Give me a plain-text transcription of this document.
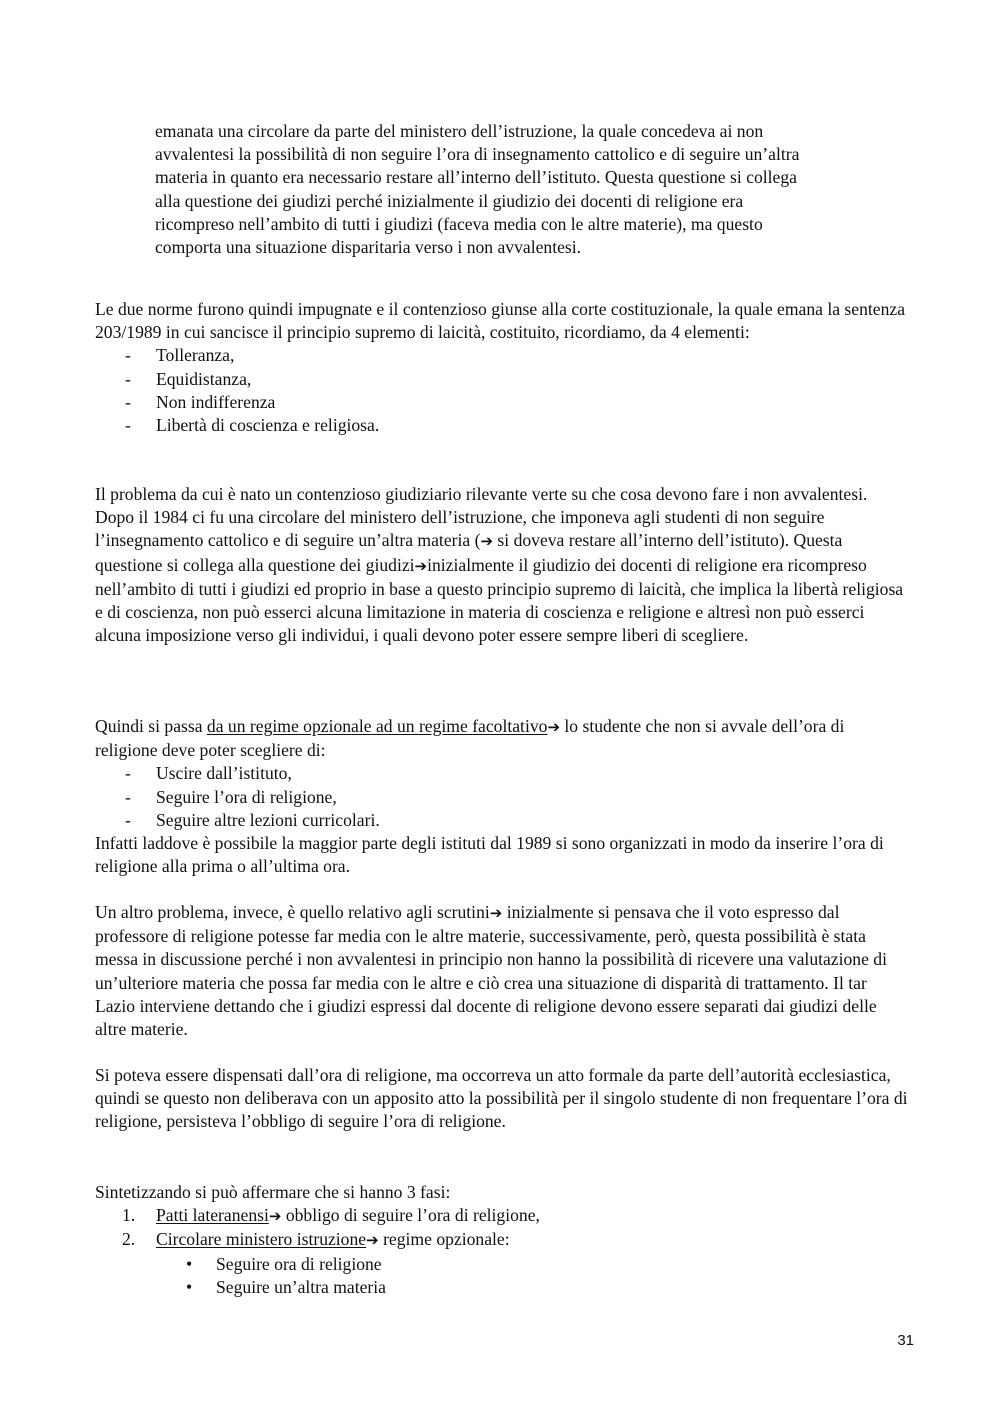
emanata una circolare da parte del ministero dell’istruzione, la quale concedeva ai non

avvalentesi la possibilità di non seguire l’ora di insegnamento cattolico e di seguire un’altra

materia in quanto era necessario restare all’interno dell’istituto. Questa questione si collega

alla questione dei giudizi perché inizialmente il giudizio dei docenti di religione era

ricompreso nell’ambito di tutti i giudizi (faceva media con le altre materie), ma questo

comporta una situazione disparitaria verso i non avvalentesi.

Le due norme furono quindi impugnate e il contenzioso giunse alla corte costituzionale, la quale emana la sentenza 203/1989 in cui sancisce il principio supremo di laicità, costituito, ricordiamo, da 4 elementi:

- Tolleranza,
- Equidistanza,
- Non indifferenza
- Libertà di coscienza e religiosa.

Il problema da cui è nato un contenzioso giudiziario rilevante verte su che cosa devono fare i non avvalentesi.

Dopo il 1984 ci fu una circolare del ministero dell’istruzione, che imponeva agli studenti di non seguire l’insegnamento cattolico e di seguire un’altra materia (➔ si doveva restare all’interno dell’istituto). Questa questione si collega alla questione dei giudizi➔inizialmente il giudizio dei docenti di religione era ricompreso nell’ambito di tutti i giudizi ed proprio in base a questo principio supremo di laicità, che implica la libertà religiosa e di coscienza, non può esserci alcuna limitazione in materia di coscienza e religione e altresì non può esserci alcuna imposizione verso gli individui, i quali devono poter essere sempre liberi di scegliere.

Quindi si passa da un regime opzionale ad un regime facoltativo➔ lo studente che non si avvale dell’ora di religione deve poter scegliere di:

- Uscire dall’istituto,
- Seguire l’ora di religione,
- Seguire altre lezioni curricolari.

Infatti laddove è possibile la maggior parte degli istituti dal 1989 si sono organizzati in modo da inserire l’ora di religione alla prima o all’ultima ora.

Un altro problema, invece, è quello relativo agli scrutini➔ inizialmente si pensava che il voto espresso dal professore di religione potesse far media con le altre materie, successivamente, però, questa possibilità è stata messa in discussione perché i non avvalentesi in principio non hanno la possibilità di ricevere una valutazione di un’ulteriore materia che possa far media con le altre e ciò crea una situazione di disparità di trattamento. Il tar Lazio interviene dettando che i giudizi espressi dal docente di religione devono essere separati dai giudizi delle altre materie.

Si poteva essere dispensati dall’ora di religione, ma occorreva un atto formale da parte dell’autorità ecclesiastica, quindi se questo non deliberava con un apposito atto la possibilità per il singolo studente di non frequentare l’ora di religione, persisteva l’obbligo di seguire l’ora di religione.

Sintetizzando si può affermare che si hanno 3 fasi:

1. Patti lateranensi➔ obbligo di seguire l’ora di religione,
2. Circolare ministero istruzione➔ regime opzionale:
• Seguire ora di religione
• Seguire un’altra materia
31
